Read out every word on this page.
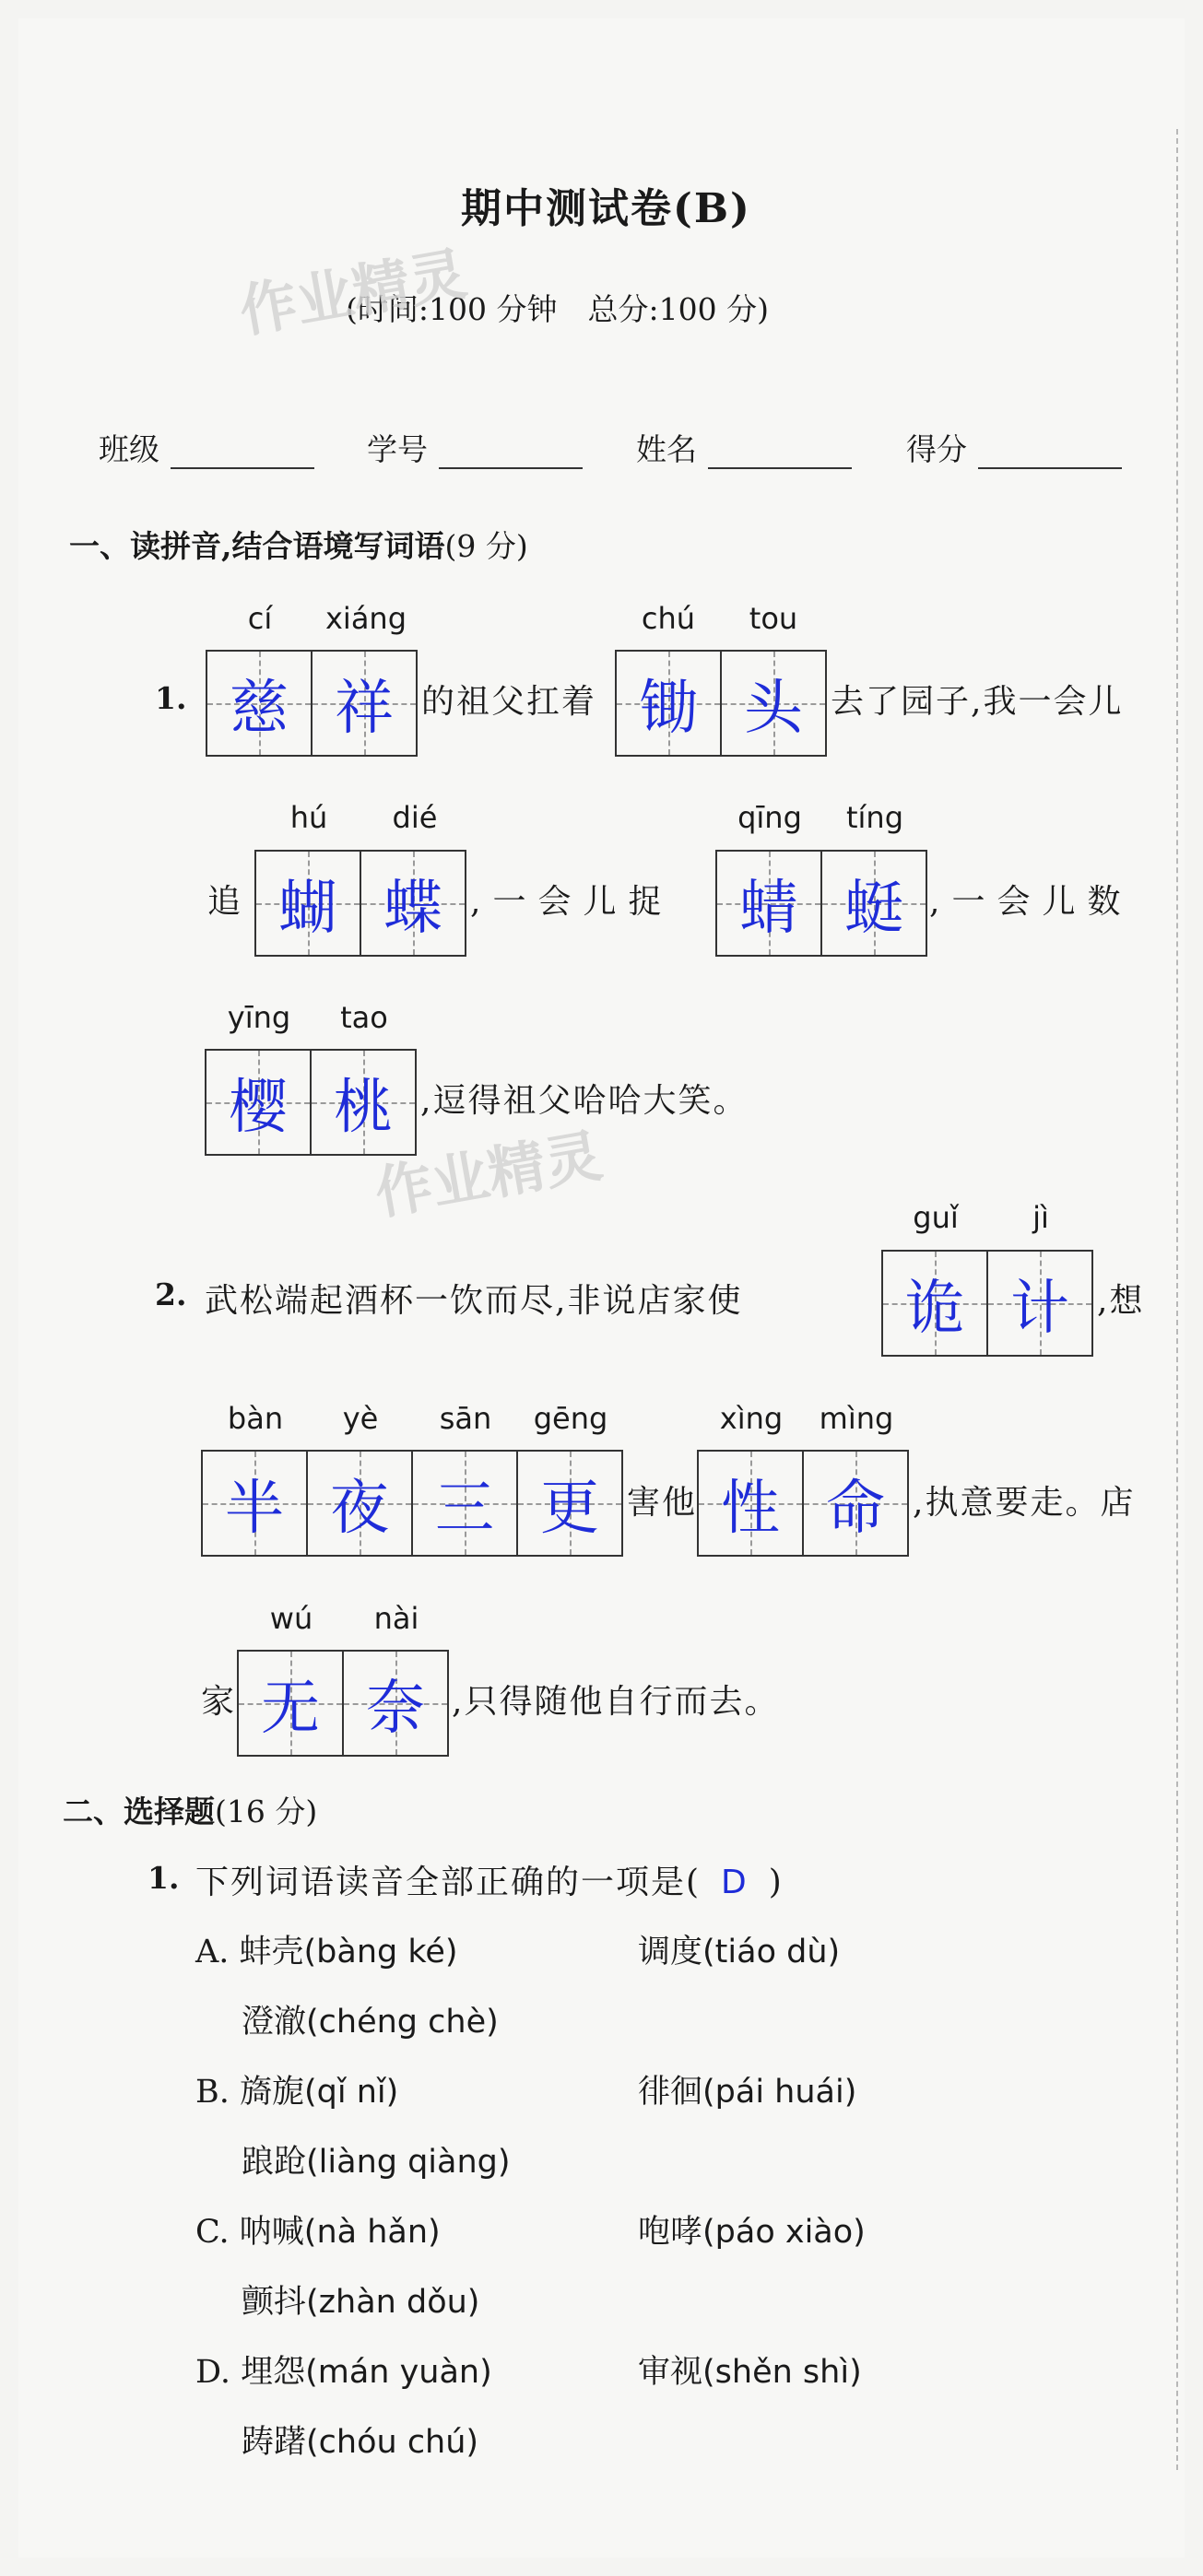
期中测试卷(B)
(时间:100 分钟　总分:100 分)
作业精灵
作业精灵
班级	学号	姓名	得分
一、读拼音,结合语境写词语(9 分)
1.
cí	xiáng
慈 祥 的祖父扛着
chú	tou
锄 头 去了园子,我一会儿
追
hú	dié
蝴 蝶 ,一会儿捉
qīng	tíng
蜻 蜓 ,一会儿数
yīng	tao
樱 桃 ,逗得祖父哈哈大笑。
2. 武松端起酒杯一饮而尽,非说店家使
guǐ	jì
诡 计 ,想
bàn	yè	sān	gēng
半 夜 三 更 害他
xìng	mìng
性 命 ,执意要走。店
家
wú	nài
无 奈 ,只得随他自行而去。
二、选择题(16 分)
1. 下列词语读音全部正确的一项是( D )
A. 蚌壳(bàng ké)	调度(tiáo dù)
澄澈(chéng chè)
B. 旖旎(qǐ nǐ)	徘徊(pái huái)
踉跄(liàng qiàng)
C. 呐喊(nà hǎn)	咆哮(páo xiào)
颤抖(zhàn dǒu)
D. 埋怨(mán yuàn)	审视(shěn shì)
踌躇(chóu chú)
